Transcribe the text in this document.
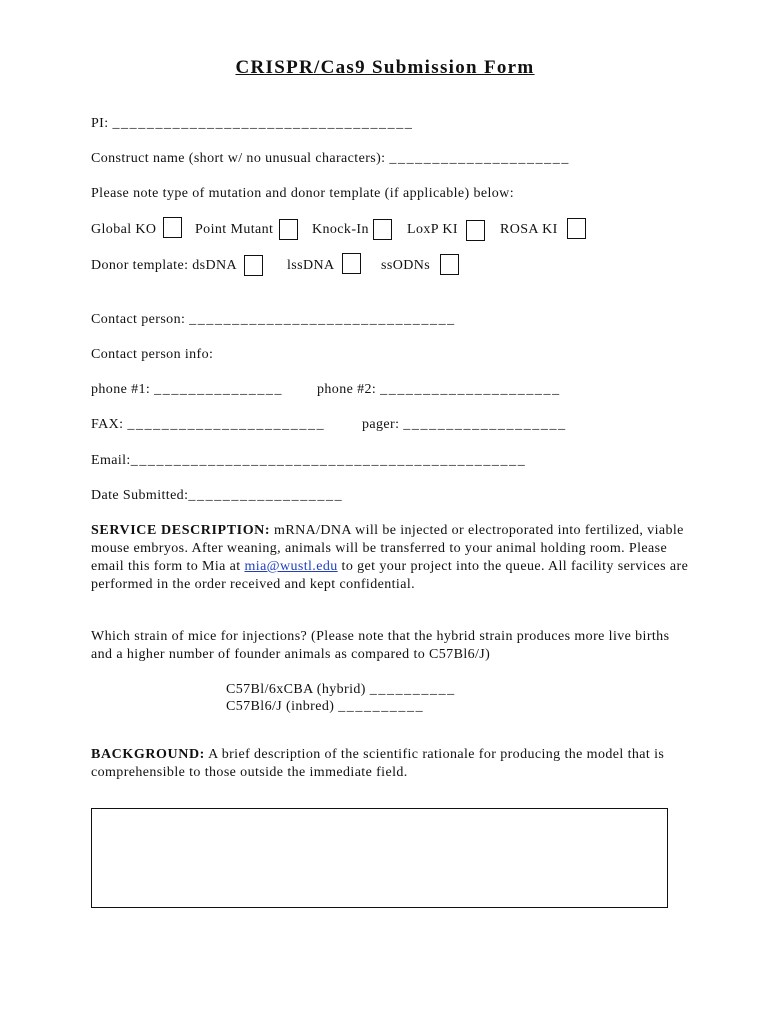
CRISPR/Cas9 Submission Form
PI: ___________________________________
Construct name (short w/ no unusual characters): _____________________
Please note type of mutation and donor template (if applicable) below:
Global KO	Point Mutant	Knock-In	LoxP KI	ROSA KI
Donor template: dsDNA	lssDNA	ssODNs
Contact person: _______________________________
Contact person info:
phone #1: _______________ phone #2: _____________________
FAX: _______________________	pager: ___________________
Email:______________________________________________
Date Submitted:__________________
SERVICE DESCRIPTION: mRNA/DNA will be injected or electroporated into fertilized, viable mouse embryos. After weaning, animals will be transferred to your animal holding room. Please email this form to Mia at mia@wustl.edu to get your project into the queue. All facility services are performed in the order received and kept confidential.
Which strain of mice for injections? (Please note that the hybrid strain produces more live births and a higher number of founder animals as compared to C57Bl6/J)
C57Bl/6xCBA (hybrid) __________
C57Bl6/J (inbred) __________
BACKGROUND: A brief description of the scientific rationale for producing the model that is comprehensible to those outside the immediate field.
